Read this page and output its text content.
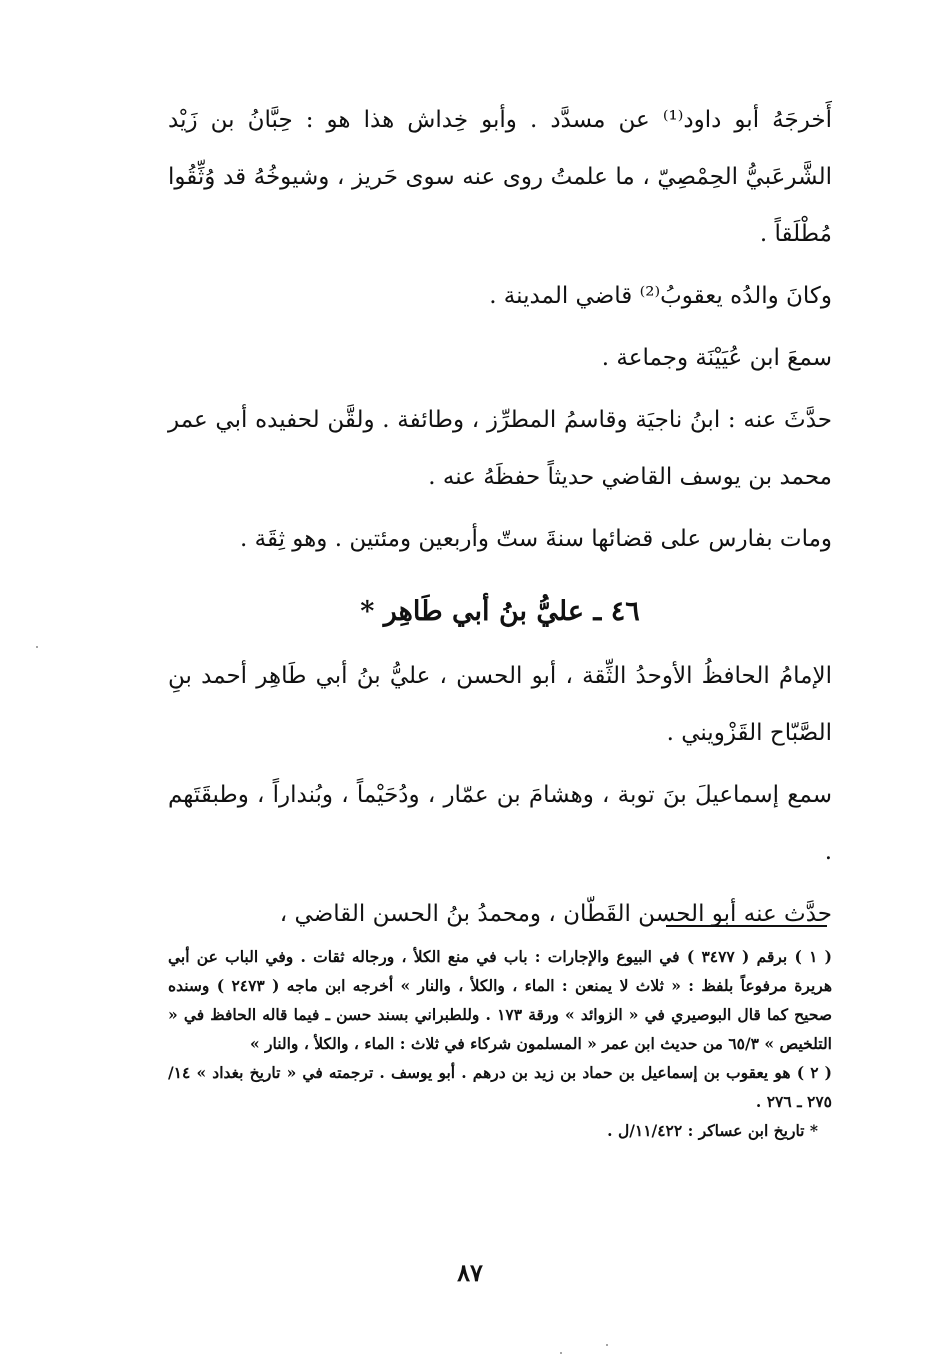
أَخرجَهُ أبو داود⁽¹⁾ عن مسدَّد . وأبو خِداش هذا هو : حِبَّانُ بن زَيْد الشَّرعَبيُّ الحِمْصِيّ ، ما علمتُ روى عنه سوى حَريز ، وشيوخُهُ قد وُثِّقُوا مُطْلَقاً .

وكانَ والدُه يعقوبُ⁽²⁾ قاضي المدينة .

سمعَ ابن عُيَيْنَة وجماعة .

حدَّثَ عنه : ابنُ ناجيَة وقاسمُ المطرِّز ، وطائفة . ولقَّن لحفيده أبي عمر محمد بن يوسف القاضي حديثاً حفظَهُ عنه .

ومات بفارس على قضائها سنةَ ستّ وأربعين ومئتين . وهو ثِقَة .

٤٦ ـ عليُّ بنُ أبي طَاهِر *

الإمامُ الحافظُ الأوحدُ الثِّقة ، أبو الحسن ، عليُّ بنُ أبي طَاهِر أحمد بنِ الصَّبّاح القَزْويني .

سمع إسماعيلَ بنَ توبة ، وهشامَ بن عمّار ، ودُحَيْماً ، وبُنداراً ، وطبقَتَهم .

حدَّث عنه أبو الحسن القَطّان ، ومحمدُ بنُ الحسن القاضي ،

( ١ ) برقم ( ٣٤٧٧ ) في البيوع والإجارات : باب في منع الكلأ ، ورجاله ثقات . وفي الباب عن أبي هريرة مرفوعاً بلفظ : « ثلاث لا يمنعن : الماء ، والكلأ ، والنار » أخرجه ابن ماجه ( ٢٤٧٣ ) وسنده صحيح كما قال البوصيري في « الزوائد » ورقة ١٧٣ . وللطبراني بسند حسن ـ فيما قاله الحافظ في « التلخيص » ٦٥/٣ من حديث ابن عمر « المسلمون شركاء في ثلاث : الماء ، والكلأ ، والنار »

( ٢ ) هو يعقوب بن إسماعيل بن حماد بن زيد بن درهم . أبو يوسف . ترجمته في « تاريخ بغداد » ١٤/ ٢٧٥ ـ ٢٧٦ .

* تاريخ ابن عساكر : ١١/٤٢٢/ل .

٨٧
